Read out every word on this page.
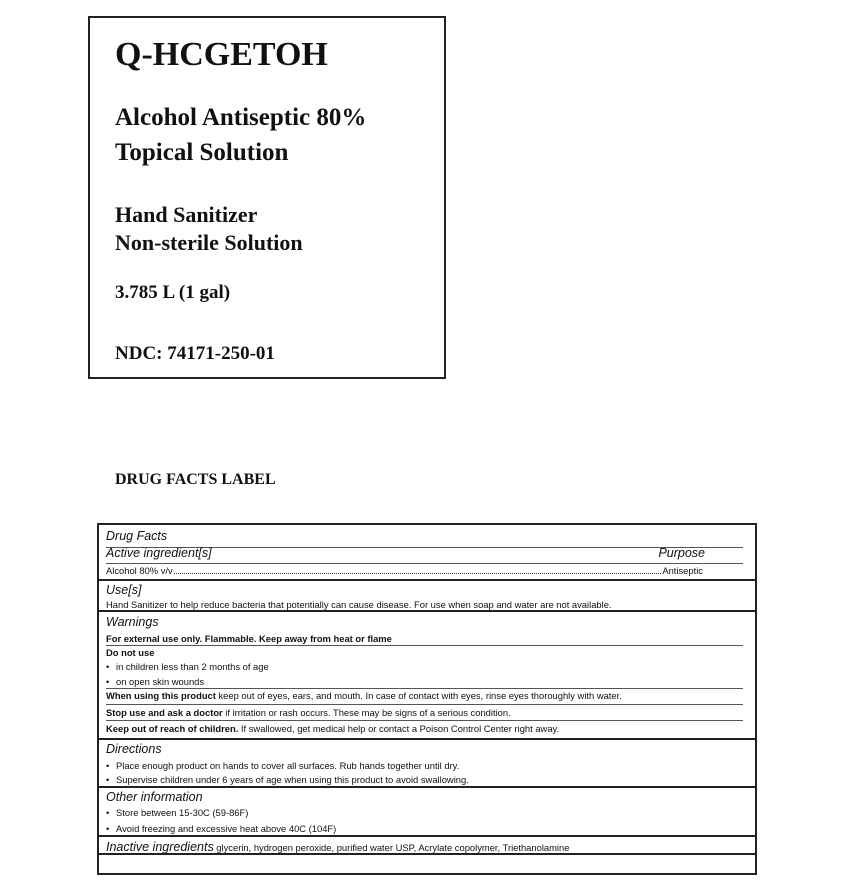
Q-HCGETOH
Alcohol Antiseptic 80%
Topical Solution
Hand Sanitizer
Non-sterile Solution
3.785 L (1 gal)
NDC: 74171-250-01
DRUG FACTS LABEL
Drug Facts
Active ingredient[s]	Purpose
Alcohol 80% v/v	Antiseptic
Use[s]
Hand Sanitizer to help reduce bacteria that potentially can cause disease. For use when soap and water are not available.
Warnings
For external use only. Flammable. Keep away from heat or flame
Do not use
• in children less than 2 months of age
• on open skin wounds
When using this product keep out of eyes, ears, and mouth. In case of contact with eyes, rinse eyes thoroughly with water.
Stop use and ask a doctor if irritation or rash occurs. These may be signs of a serious condition.
Keep out of reach of children. If swallowed, get medical help or contact a Poison Control Center right away.
Directions
• Place enough product on hands to cover all surfaces. Rub hands together until dry.
• Supervise children under 6 years of age when using this product to avoid swallowing.
Other information
• Store between 15-30C (59-86F)
• Avoid freezing and excessive heat above 40C (104F)
Inactive ingredients glycerin, hydrogen peroxide, purified water USP, Acrylate copolymer, Triethanolamine
